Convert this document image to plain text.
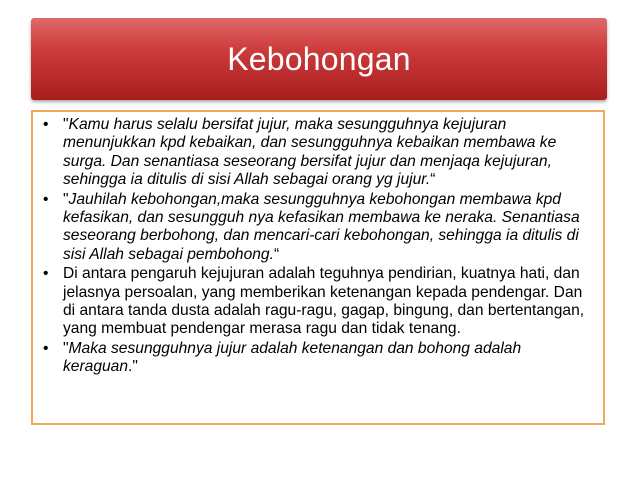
Kebohongan
• "Kamu harus selalu bersifat jujur, maka sesungguhnya kejujuran menunjukkan kpd kebaikan, dan sesungguhnya kebaikan membawa ke surga. Dan senantiasa seseorang bersifat jujur dan menjaqa kejujuran, sehingga ia ditulis di sisi Allah sebagai orang yg jujur.“
• "Jauhilah kebohongan,maka sesungguhnya kebohongan membawa kpd kefasikan, dan sesungguh nya kefasikan membawa ke neraka. Senantiasa seseorang berbohong, dan mencari-cari kebohongan, sehingga ia ditulis di sisi Allah sebagai pembohong.“
• Di antara pengaruh kejujuran adalah teguhnya pendirian, kuatnya hati, dan jelasnya persoalan, yang memberikan ketenangan kepada pendengar. Dan di antara tanda dusta adalah ragu-ragu, gagap, bingung, dan bertentangan, yang membuat pendengar merasa ragu dan tidak tenang.
• "Maka sesungguhnya jujur adalah ketenangan dan bohong adalah keraguan."
